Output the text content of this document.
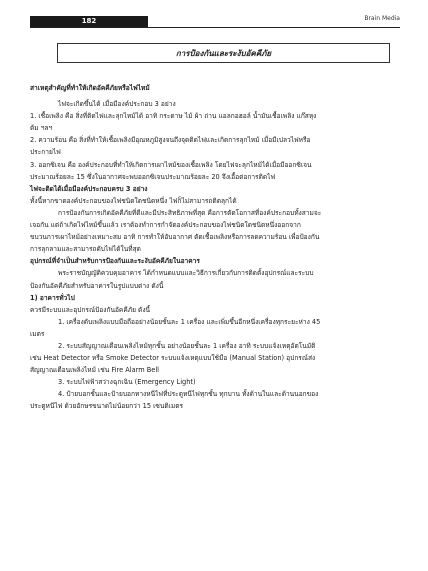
182	Brain Media
การป้องกันและระงับอัคคีภัย

สาเหตุสำคัญที่ทำให้เกิดอัคคีภัยหรือไฟไหม้

ไฟจะเกิดขึ้นได้ เมื่อมีองค์ประกอบ 3 อย่าง

1. เชื้อเพลิง คือ สิ่งที่ติดไฟและลุกไหม้ได้ อาทิ กระดาษ ไม้ ผ้า ถ่าน แอลกอฮอล์ น้ำมันเชื้อเพลิง แก๊สหุง

ต้ม ฯลฯ

2. ความร้อน คือ สิ่งที่ทำให้เชื้อเพลิงมีอุณหภูมิสูงจนถึงจุดติดไฟและเกิดการลุกไหม้ เมื่อมีเปลวไฟหรือ

ประกายไฟ

3. ออกซิเจน คือ องค์ประกอบที่ทำให้เกิดการเผาไหม้ของเชื้อเพลิง โดยไฟจะลุกไหม้ได้เมื่อมีออกซิเจน

ประมาณร้อยละ 15 ซึ่งในอากาศจะพบออกซิเจนประมาณร้อยละ 20 จึงเอื้อต่อการติดไฟ

ไฟจะติดได้เมื่อมีองค์ประกอบครบ 3 อย่าง

ทั้งนี้หากขาดองค์ประกอบของไฟชนิดใดชนิดหนึ่ง ไฟก็ไม่สามารถติดลุกได้

การป้องกันการเกิดอัคคีภัยที่ดีและมีประสิทธิภาพที่สุด คือการตัดโอกาสที่องค์ประกอบทั้งสามจะ

เจอกัน แต่ถ้าเกิดไฟไหม้ขึ้นแล้ว เราต้องทำการกำจัดองค์ประกอบของไฟชนิดใดชนิดหนึ่งออกจาก

ขบวนการเผาไหม้อย่างเหมาะสม อาทิ การทำให้อับอากาศ ตัดเชื้อเพลิงหรือการลดความร้อน เพื่อป้องกัน

การลุกลามและสามารถดับไฟได้ในที่สุด

อุปกรณ์ที่จำเป็นสำหรับการป้องกันและระงับอัคคีภัยในอาคาร

พระราชบัญญัติควบคุมอาคาร ได้กำหนดแบบและวิธีการเกี่ยวกับการติดตั้งอุปกรณ์และระบบ

ป้องกันอัคคีภัยสำหรับอาคารในรูปแบบต่าง ดังนี้

1) อาคารทั่วไป

ควรมีระบบและอุปกรณ์ป้องกันอัคคีภัย ดังนี้

1. เครื่องดับเพลิงแบบมือถืออย่างน้อยชั้นละ 1 เครื่อง และเพิ่มขึ้นอีกหนึ่งเครื่องทุกระยะห่าง 45

เมตร

2. ระบบสัญญาณเตือนเพลิงไหม้ทุกชั้น อย่างน้อยชั้นละ 1 เครื่อง อาทิ ระบบแจ้งเหตุอัตโนมัติ

เช่น Heat Detector หรือ Smoke Detector ระบบแจ้งเหตุแบบใช้มือ (Manual Station) อุปกรณ์ส่ง

สัญญาณเตือนเพลิงไหม้ เช่น Fire Alarm Bell

3. ระบบไฟฟ้าสว่างฉุกเฉิน (Emergency Light)

4. ป้ายบอกชั้นและป้ายบอกทางหนีไฟที่ประตูหนีไฟทุกชั้น ทุกบาน ทั้งด้านในและด้านนอกของ

ประตูหนีไฟ ด้วยอักษรขนาดไม่น้อยกว่า 15 เซนติเมตร
